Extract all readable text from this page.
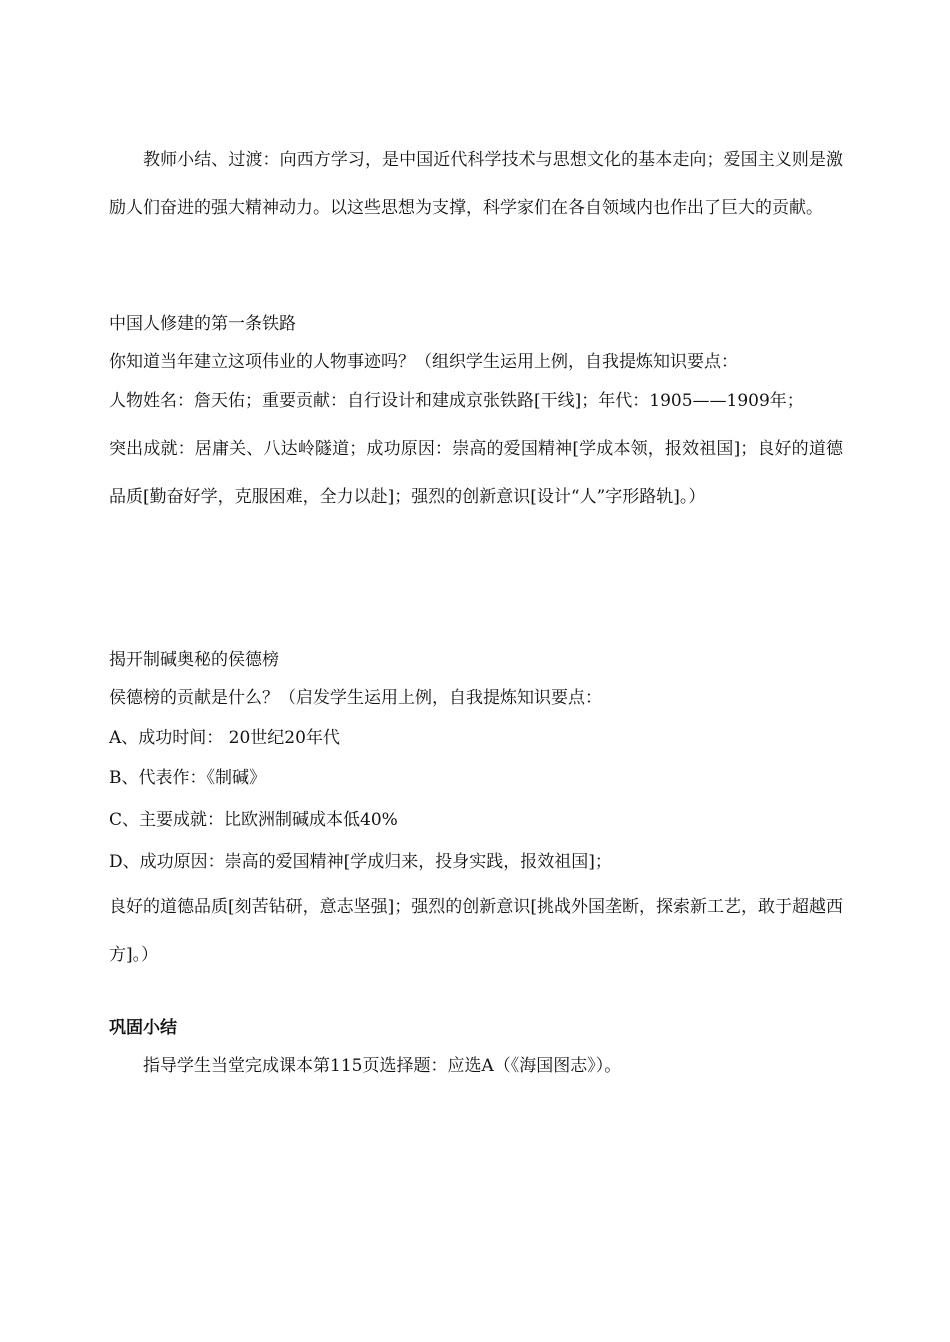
教师小结、过渡：向西方学习，是中国近代科学技术与思想文化的基本走向；爱国主义则是激励人们奋进的强大精神动力。以这些思想为支撑，科学家们在各自领域内也作出了巨大的贡献。

中国人修建的第一条铁路

你知道当年建立这项伟业的人物事迹吗？（组织学生运用上例，自我提炼知识要点：

人物姓名：詹天佑；重要贡献：自行设计和建成京张铁路[干线]；年代：1905——1909年；

突出成就：居庸关、八达岭隧道；成功原因：崇高的爱国精神[学成本领，报效祖国]；良好的道德品质[勤奋好学，克服困难，全力以赴]；强烈的创新意识[设计“人”字形路轨]。）

揭开制碱奥秘的侯德榜

侯德榜的贡献是什么？（启发学生运用上例，自我提炼知识要点：

A、成功时间： 20世纪20年代

B、代表作：《制碱》

C、主要成就：比欧洲制碱成本低40%

D、成功原因：崇高的爱国精神[学成归来，投身实践，报效祖国]；

良好的道德品质[刻苦钻研，意志坚强]；强烈的创新意识[挑战外国垄断，探索新工艺，敢于超越西方]。）

巩固小结

指导学生当堂完成课本第115页选择题：应选A（《海国图志》）。
